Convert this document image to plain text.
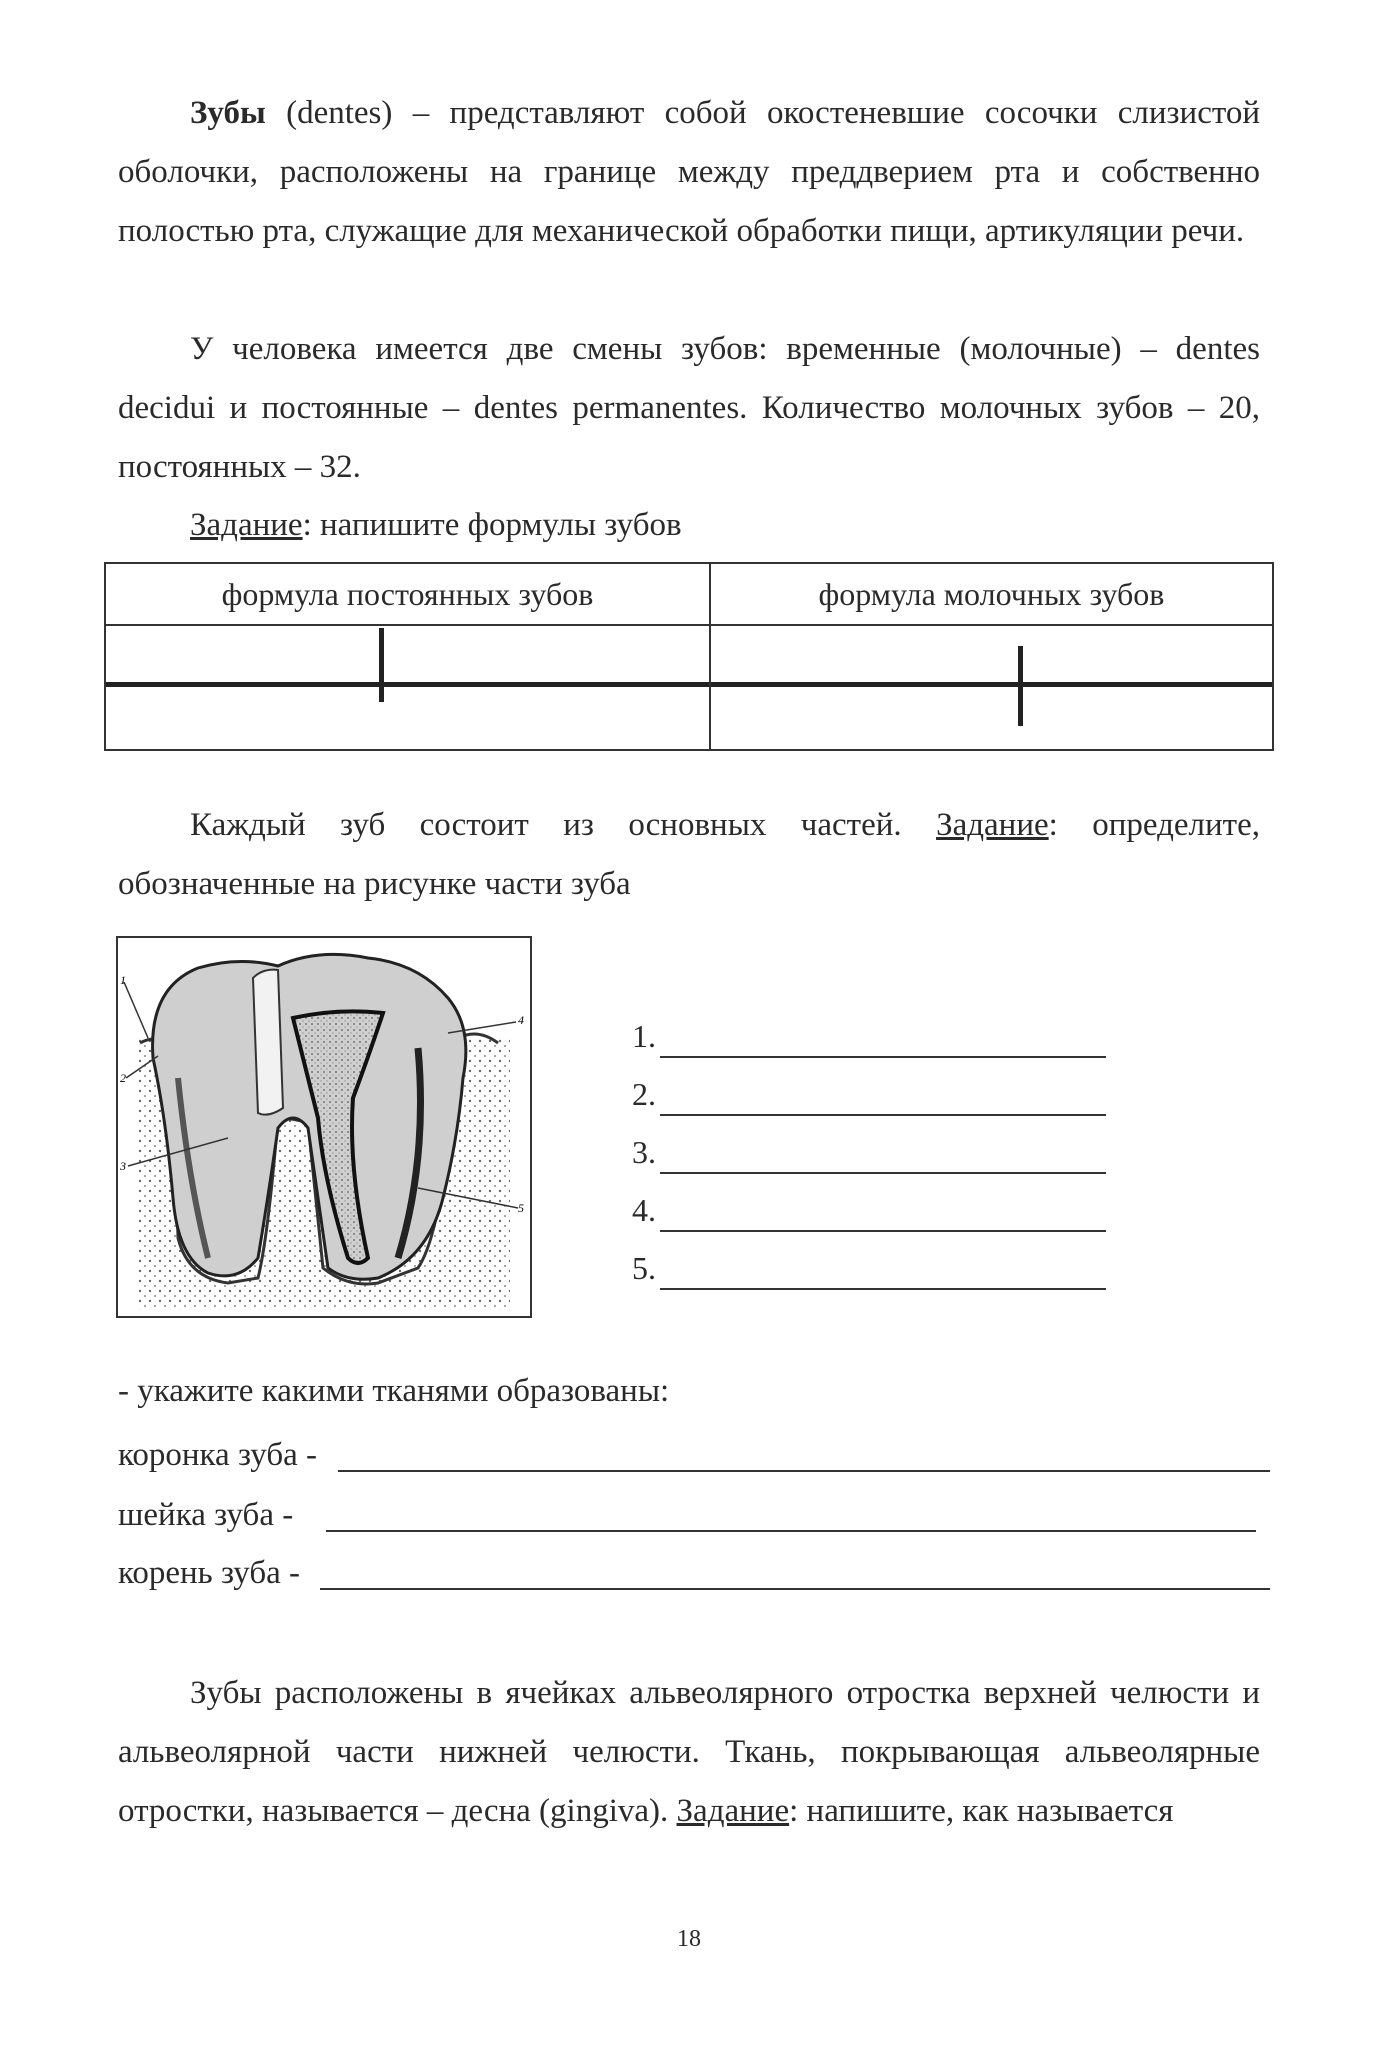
Зубы (dentes) – представляют собой окостеневшие сосочки слизистой оболочки, расположены на границе между преддверием рта и собственно полостью рта, служащие для механической обработки пищи, артикуляции речи.

У человека имеется две смены зубов: временные (молочные) – dentes decidui и постоянные – dentes permanentes. Количество молочных зубов – 20, постоянных – 32.

Задание: напишите формулы зубов

формула постоянных зубов	формула молочных зубов

Каждый зуб состоит из основных частей. Задание: определите, обозначенные на рисунке части зуба

1
2
3
4
5
1.
2.
3.
4.
5.
- укажите какими тканями образованы:
коронка зуба -
шейка зуба -
корень зуба -

Зубы расположены в ячейках альвеолярного отростка верхней челюсти и альвеолярной части нижней челюсти. Ткань, покрывающая альвеолярные отростки, называется – десна (gingiva). Задание: напишите, как называется

18
